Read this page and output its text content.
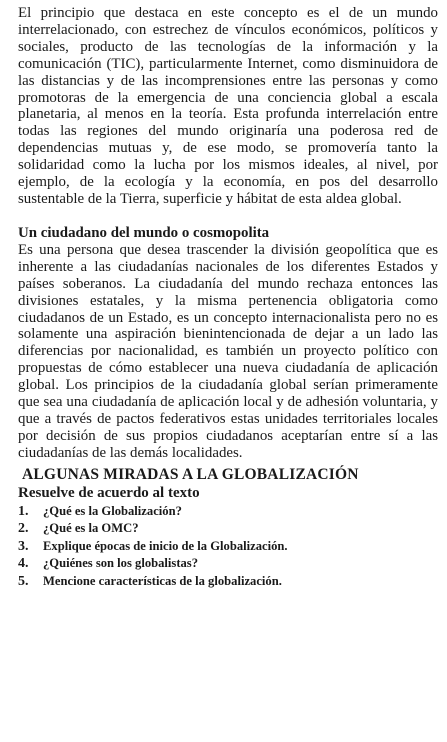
El principio que destaca en este concepto es el de un mundo interrelacionado, con estrechez de vínculos económicos, políticos y sociales, producto de las tecnologías de la información y la comunicación (TIC), particularmente Internet, como disminuidora de las distancias y de las incomprensiones entre las personas y como promotoras de la emergencia de una conciencia global a escala planetaria, al menos en la teoría. Esta profunda interrelación entre todas las regiones del mundo originaría una poderosa red de dependencias mutuas y, de ese modo, se promovería tanto la solidaridad como la lucha por los mismos ideales, al nivel, por ejemplo, de la ecología y la economía, en pos del desarrollo sustentable de la Tierra, superficie y hábitat de esta aldea global.

Un ciudadano del mundo o cosmopolita

Es una persona que desea trascender la división geopolítica que es inherente a las ciudadanías nacionales de los diferentes Estados y países soberanos. La ciudadanía del mundo rechaza entonces las divisiones estatales, y la misma pertenencia obligatoria como ciudadanos de un Estado, es un concepto internacionalista pero no es solamente una aspiración bienintencionada de dejar a un lado las diferencias por nacionalidad, es también un proyecto político con propuestas de cómo establecer una nueva ciudadanía de aplicación global. Los principios de la ciudadanía global serían primeramente que sea una ciudadanía de aplicación local y de adhesión voluntaria, y que a través de pactos federativos estas unidades territoriales locales por decisión de sus propios ciudadanos aceptarían entre sí a las ciudadanías de las demás localidades.

ALGUNAS MIRADAS A LA GLOBALIZACIÓN
Resuelve de acuerdo al texto
1.	¿Qué es la Globalización?
2.	¿Qué es la OMC?
3.	Explique épocas de inicio de la Globalización.
4.	¿Quiénes son los globalistas?
5.	Mencione características de la globalización.
